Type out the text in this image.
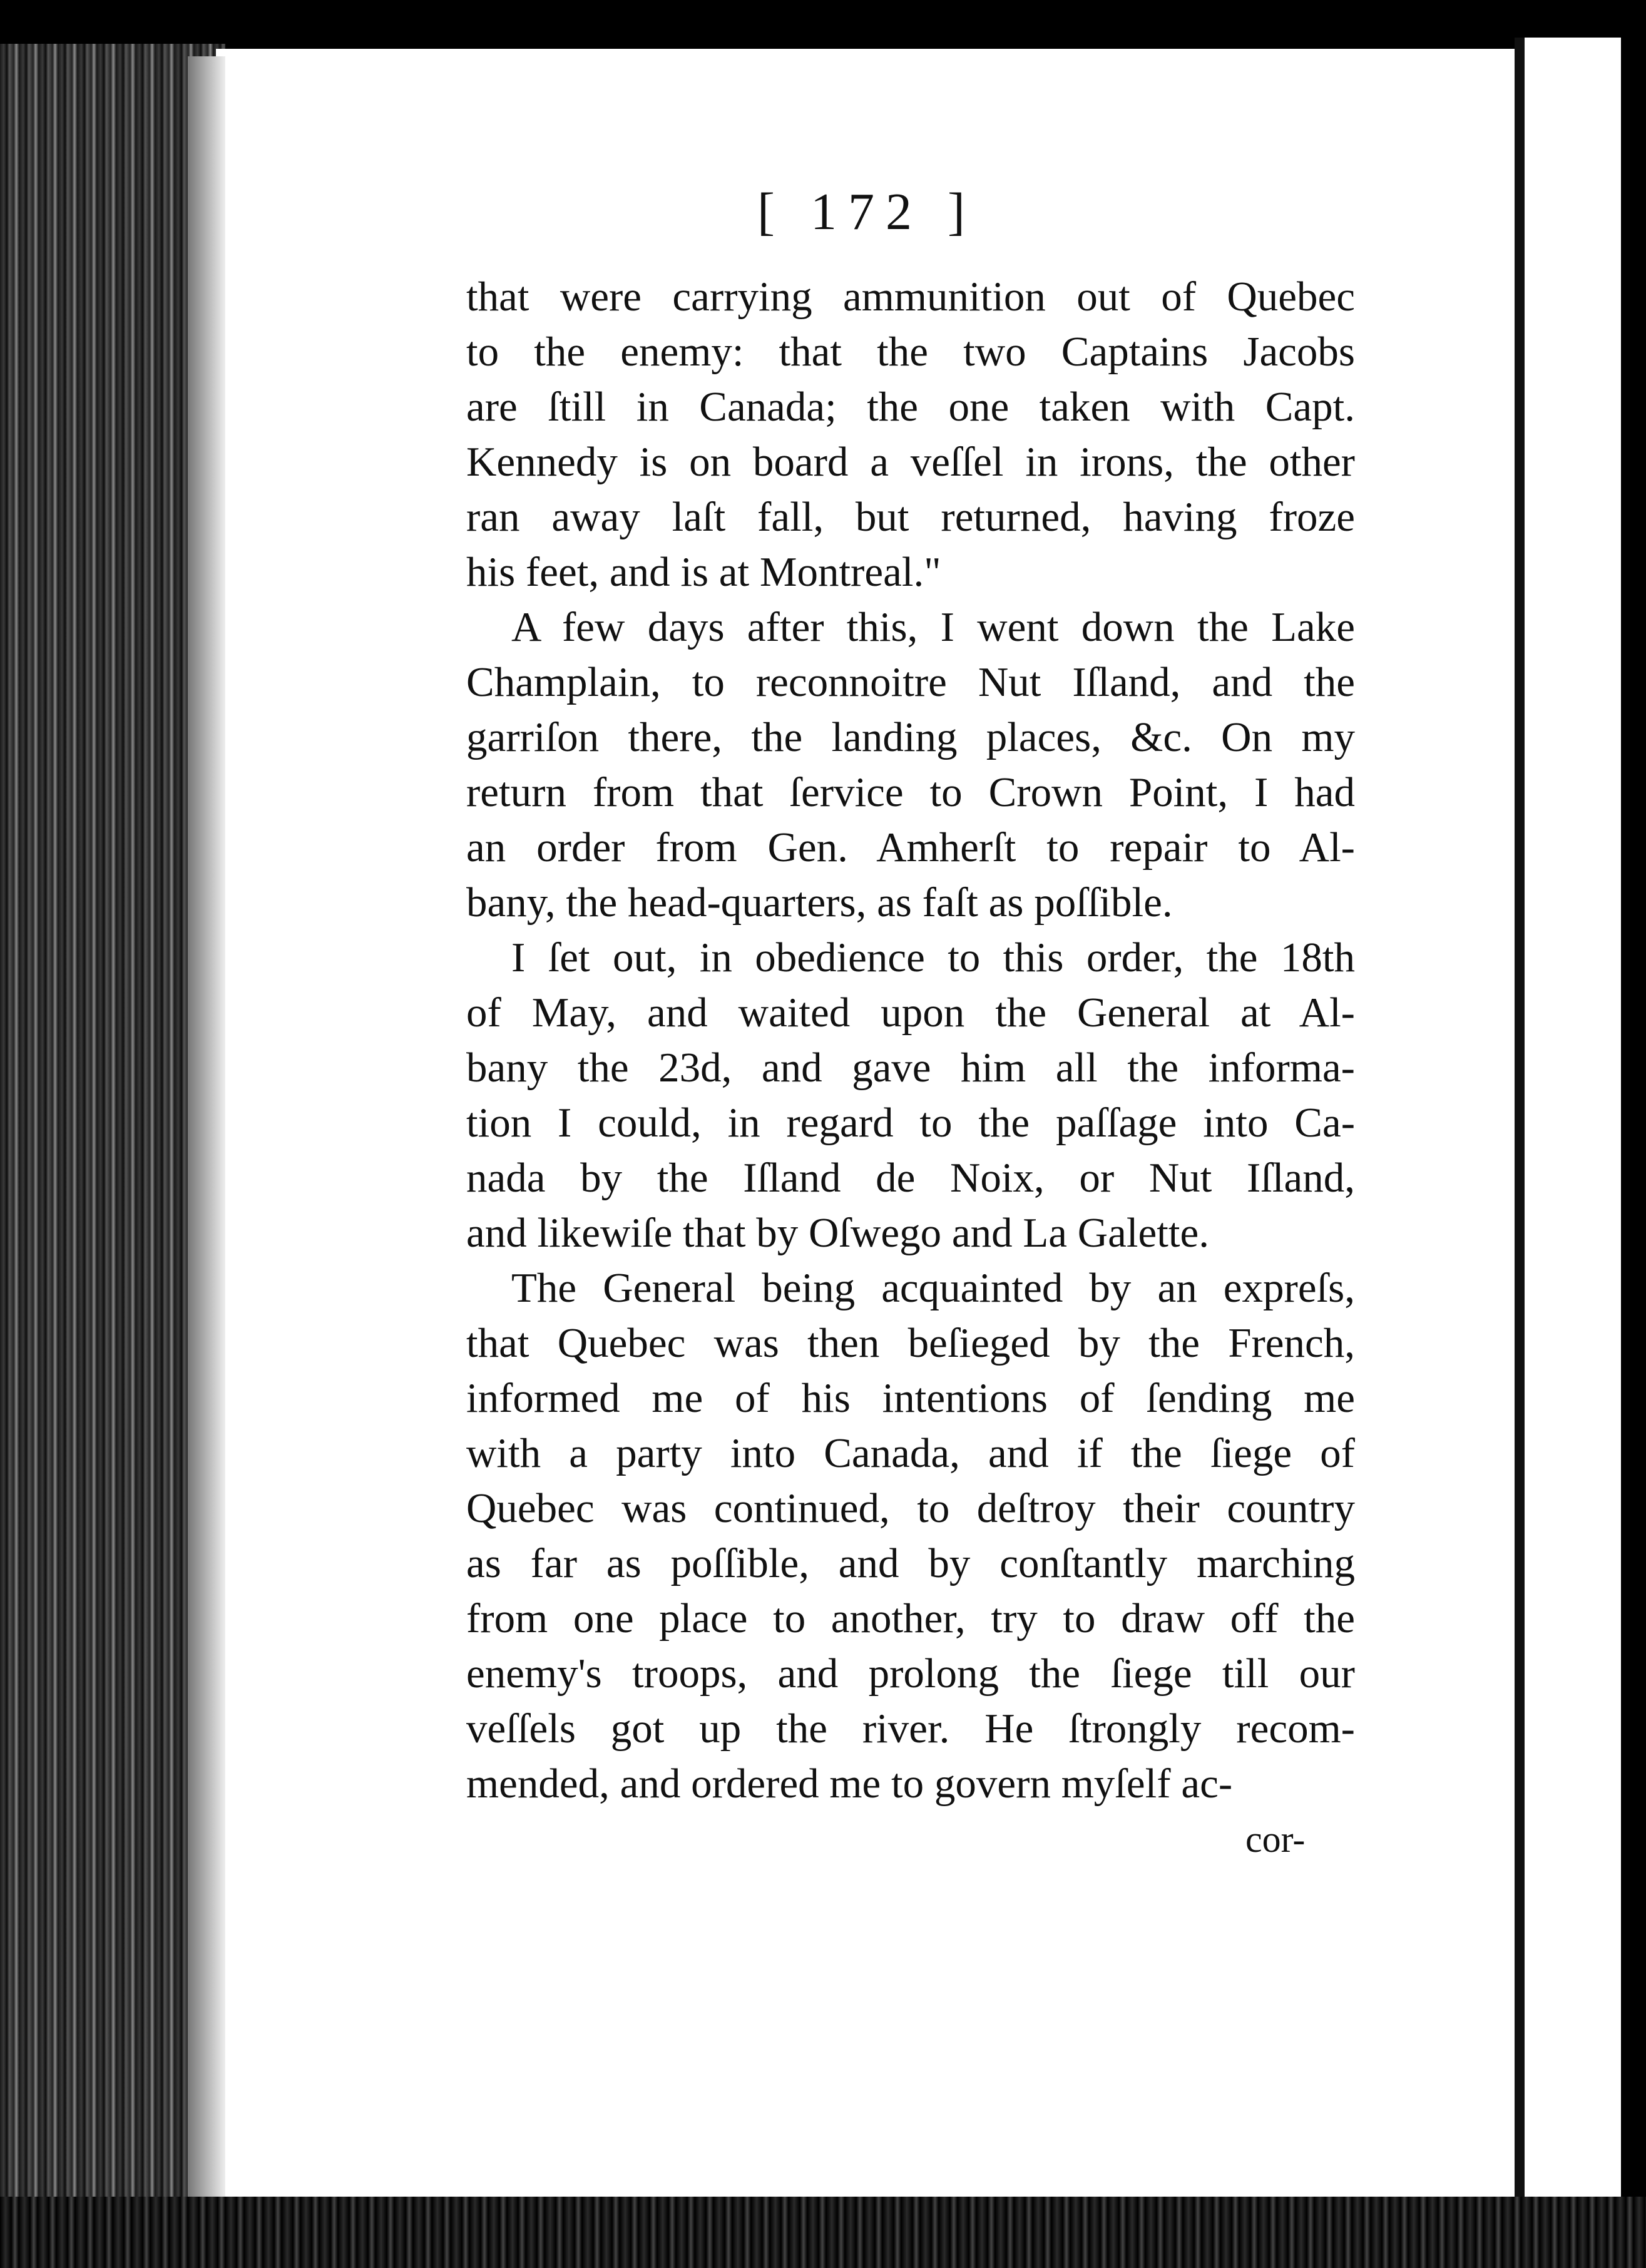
[ 172 ]
that were carrying ammunition out of Quebec
to the enemy: that the two Captains Jacobs
are ſtill in Canada; the one taken with Capt.
Kennedy is on board a veſſel in irons, the other
ran away laſt fall, but returned, having froze
his feet, and is at Montreal."
A few days after this, I went down the Lake
Champlain, to reconnoitre Nut Iſland, and the
garriſon there, the landing places, &c. On my
return from that ſervice to Crown Point, I had
an order from Gen. Amherſt to repair to Al-
bany, the head-quarters, as faſt as poſſible.
I ſet out, in obedience to this order, the 18th
of May, and waited upon the General at Al-
bany the 23d, and gave him all the informa-
tion I could, in regard to the paſſage into Ca-
nada by the Iſland de Noix, or Nut Iſland,
and likewiſe that by Oſwego and La Galette.
The General being acquainted by an expreſs,
that Quebec was then beſieged by the French,
informed me of his intentions of ſending me
with a party into Canada, and if the ſiege of
Quebec was continued, to deſtroy their country
as far as poſſible, and by conſtantly marching
from one place to another, try to draw off the
enemy's troops, and prolong the ſiege till our
veſſels got up the river. He ſtrongly recom-
mended, and ordered me to govern myſelf ac-
cor-
